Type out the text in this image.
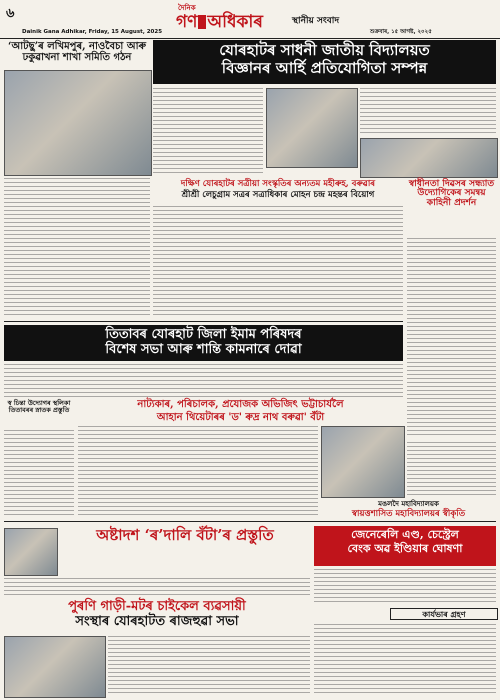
৬	দৈনিক
গণ অধিকাৰ	স্থানীয় সংবাদ
Dainik Gana Adhikar, Friday, 15 August, 2025	শুক্ৰবাৰ, ১৫ আগষ্ট, ২০২৫
‘আটছু’ৰ লখিমপুৰ, নাওবৈচা আৰু ঢকুৱাখনা শাখা সমিতি গঠন	যোৰহাটৰ সাধনী জাতীয় বিদ্যালয়ত
বিজ্ঞানৰ আৰ্হি প্ৰতিযোগিতা সম্পন্ন
দক্ষিণ যোৰহাটৰ সত্ৰীয়া সংস্কৃতিৰ অন্যতম মহীৰুহ, বৰুৱাৰ
শ্ৰীশ্ৰী লেচুগ্ৰাম সত্ৰৰ সত্ৰাধিকাৰ মোহন চন্দ্ৰ মহন্তৰ বিয়োগ
স্বাধীনতা দিৱসৰ সন্ধ্যাত উদ্যোগিকেৰ সমন্বয় কাহিনী প্ৰদৰ্শন
তিতাবৰ যোৰহাট জিলা ইমাম পৰিষদৰ
বিশেষ সভা আৰু শান্তি কামনাৰে দোৱা
স্ব চিন্তা উদ্যোগৰ স্থলিকা তিতাবৰৰ স্নাতক প্ৰস্তুতি	নাট্যকাৰ, পৰিচালক, প্ৰযোজক অভিজিৎ ভট্টাচাৰ্যলৈ
আহান থিয়েটাৰৰ 'ড' ৰুদ্ৰ নাথ বৰুৱা' বঁটা
মঙলদৈ মহাবিদ্যালয়ক
স্বায়ত্তশাসিত মহাবিদ্যালয়ৰ স্বীকৃতি
অষ্টাদশ ‘ৰ’দালি বঁটা’ৰ প্ৰস্তুতি	জেনেৰেলি এণ্ড, চেস্ট্ৰেল
বেংক অৱ ইণ্ডিয়াৰ ঘোষণা
কাৰ্যভাৰ গ্ৰহণ
পুৰণি গাড়ী-মটৰ চাইকেল ব্যৱসায়ী
সংস্থাৰ যোৰহাটত ৰাজহুৱা সভা
